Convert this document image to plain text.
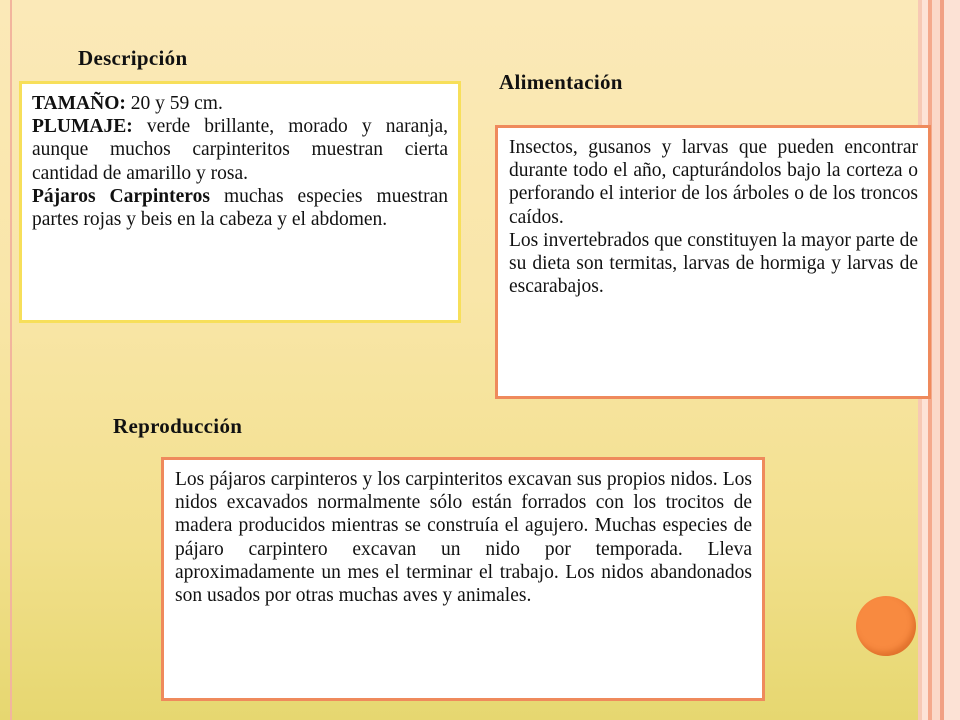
Descripción

TAMAÑO: 20 y 59 cm.

PLUMAJE: verde brillante, morado y naranja, aunque muchos carpinteritos muestran cierta cantidad de amarillo y rosa.

Pájaros Carpinteros muchas especies muestran partes rojas y beis en la cabeza y el abdomen.

Alimentación

Insectos, gusanos y larvas que pueden encontrar durante todo el año, capturándolos bajo la corteza o perforando el interior de los árboles o de los troncos caídos.

Los invertebrados que constituyen la mayor parte de su dieta son termitas, larvas de hormiga y larvas de escarabajos.

Reproducción

Los pájaros carpinteros y los carpinteritos excavan sus propios nidos. Los nidos excavados normalmente sólo están forrados con los trocitos de madera producidos mientras se construía el agujero. Muchas especies de pájaro carpintero excavan un nido por temporada. Lleva aproximadamente un mes el terminar el trabajo. Los nidos abandonados son usados por otras muchas aves y animales.
